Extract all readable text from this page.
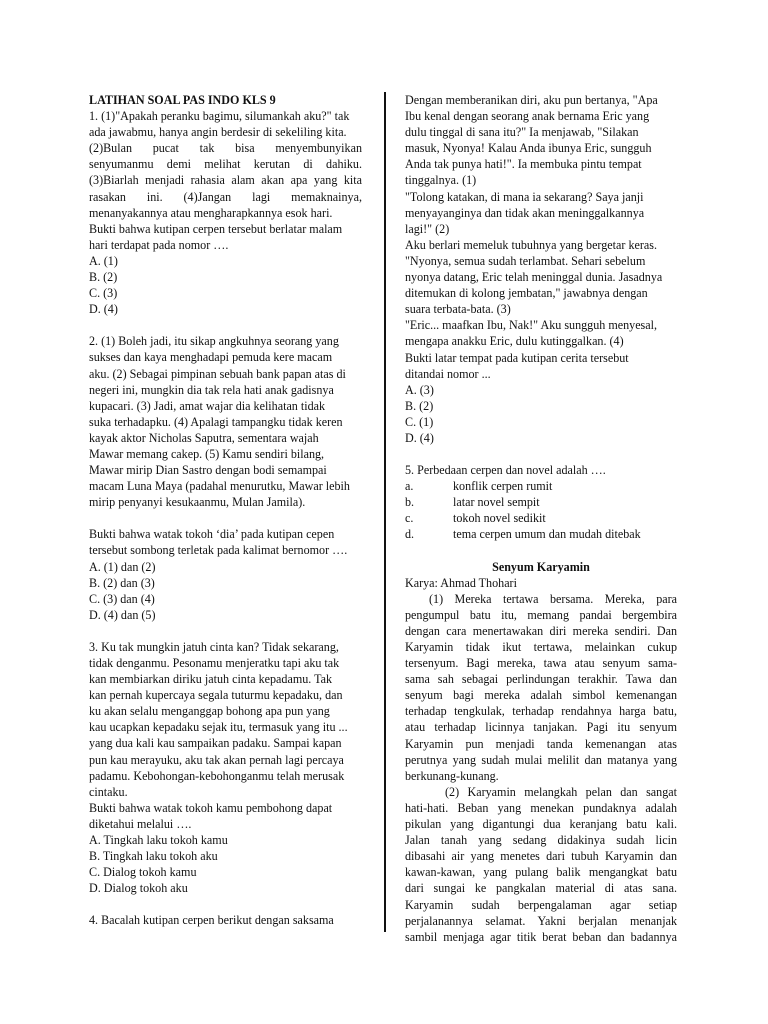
LATIHAN SOAL PAS INDO KLS 9
1. (1)"Apakah peranku bagimu, silumankah aku?" tak
ada jawabmu, hanya angin berdesir di sekeliling kita.
(2)Bulan pucat tak bisa menyembunyikan
senyumanmu demi melihat kerutan di dahiku.
(3)Biarlah menjadi rahasia alam akan apa yang kita
rasakan ini. (4)Jangan lagi memaknainya,
menanyakannya atau mengharapkannya esok hari.
Bukti bahwa kutipan cerpen tersebut berlatar malam
hari terdapat pada nomor ….
A. (1)
B. (2)
C. (3)
D. (4)
2. (1) Boleh jadi, itu sikap angkuhnya seorang yang
sukses dan kaya menghadapi pemuda kere macam
aku. (2) Sebagai pimpinan sebuah bank papan atas di
negeri ini, mungkin dia tak rela hati anak gadisnya
kupacari. (3) Jadi, amat wajar dia kelihatan tidak
suka terhadapku. (4) Apalagi tampangku tidak keren
kayak aktor Nicholas Saputra, sementara wajah
Mawar memang cakep. (5) Kamu sendiri bilang,
Mawar mirip Dian Sastro dengan bodi semampai
macam Luna Maya (padahal menurutku, Mawar lebih
mirip penyanyi kesukaanmu, Mulan Jamila).
Bukti bahwa watak tokoh ‘dia’ pada kutipan cepen
tersebut sombong terletak pada kalimat bernomor ….
A. (1) dan (2)
B. (2) dan (3)
C. (3) dan (4)
D. (4) dan (5)
3. Ku tak mungkin jatuh cinta kan? Tidak sekarang,
tidak denganmu. Pesonamu menjeratku tapi aku tak
kan membiarkan diriku jatuh cinta kepadamu. Tak
kan pernah kupercaya segala tuturmu kepadaku, dan
ku akan selalu menganggap bohong apa pun yang
kau ucapkan kepadaku sejak itu, termasuk yang itu ...
yang dua kali kau sampaikan padaku. Sampai kapan
pun kau merayuku, aku tak akan pernah lagi percaya
padamu. Kebohongan-kebohonganmu telah merusak
cintaku.
Bukti bahwa watak tokoh kamu pembohong dapat
diketahui melalui ….
A. Tingkah laku tokoh kamu
B. Tingkah laku tokoh aku
C. Dialog tokoh kamu
D. Dialog tokoh aku
4. Bacalah kutipan cerpen berikut dengan saksama
Dengan memberanikan diri, aku pun bertanya, "Apa
Ibu kenal dengan seorang anak bernama Eric yang
dulu tinggal di sana itu?" Ia menjawab, "Silakan
masuk, Nyonya! Kalau Anda ibunya Eric, sungguh
Anda tak punya hati!". Ia membuka pintu tempat
tinggalnya. (1)
"Tolong katakan, di mana ia sekarang? Saya janji
menyayanginya dan tidak akan meninggalkannya
lagi!" (2)
Aku berlari memeluk tubuhnya yang bergetar keras.
"Nyonya, semua sudah terlambat. Sehari sebelum
nyonya datang, Eric telah meninggal dunia. Jasadnya
ditemukan di kolong jembatan," jawabnya dengan
suara terbata-bata. (3)
"Eric... maafkan Ibu, Nak!" Aku sungguh menyesal,
mengapa anakku Eric, dulu kutinggalkan. (4)
Bukti latar tempat pada kutipan cerita tersebut
ditandai nomor ...
A. (3)
B. (2)
C. (1)
D. (4)
5. Perbedaan cerpen dan novel adalah ….
a.	konflik cerpen rumit
b.	latar novel sempit
c.	tokoh novel sedikit
d.	tema cerpen umum dan mudah ditebak
Senyum Karyamin
Karya: Ahmad Thohari
(1) Mereka tertawa bersama. Mereka, para
pengumpul batu itu, memang pandai bergembira
dengan cara menertawakan diri mereka sendiri. Dan
Karyamin tidak ikut tertawa, melainkan cukup
tersenyum. Bagi mereka, tawa atau senyum sama-
sama sah sebagai perlindungan terakhir. Tawa dan
senyum bagi mereka adalah simbol kemenangan
terhadap tengkulak, terhadap rendahnya harga batu,
atau terhadap licinnya tanjakan. Pagi itu senyum
Karyamin pun menjadi tanda kemenangan atas
perutnya yang sudah mulai melilit dan matanya yang
berkunang-kunang.
(2) Karyamin melangkah pelan dan sangat
hati-hati. Beban yang menekan pundaknya adalah
pikulan yang digantungi dua keranjang batu kali.
Jalan tanah yang sedang didakinya sudah licin
dibasahi air yang menetes dari tubuh Karyamin dan
kawan-kawan, yang pulang balik mengangkat batu
dari sungai ke pangkalan material di atas sana.
Karyamin sudah berpengalaman agar setiap
perjalanannya selamat. Yakni berjalan menanjak
sambil menjaga agar titik berat beban dan badannya
